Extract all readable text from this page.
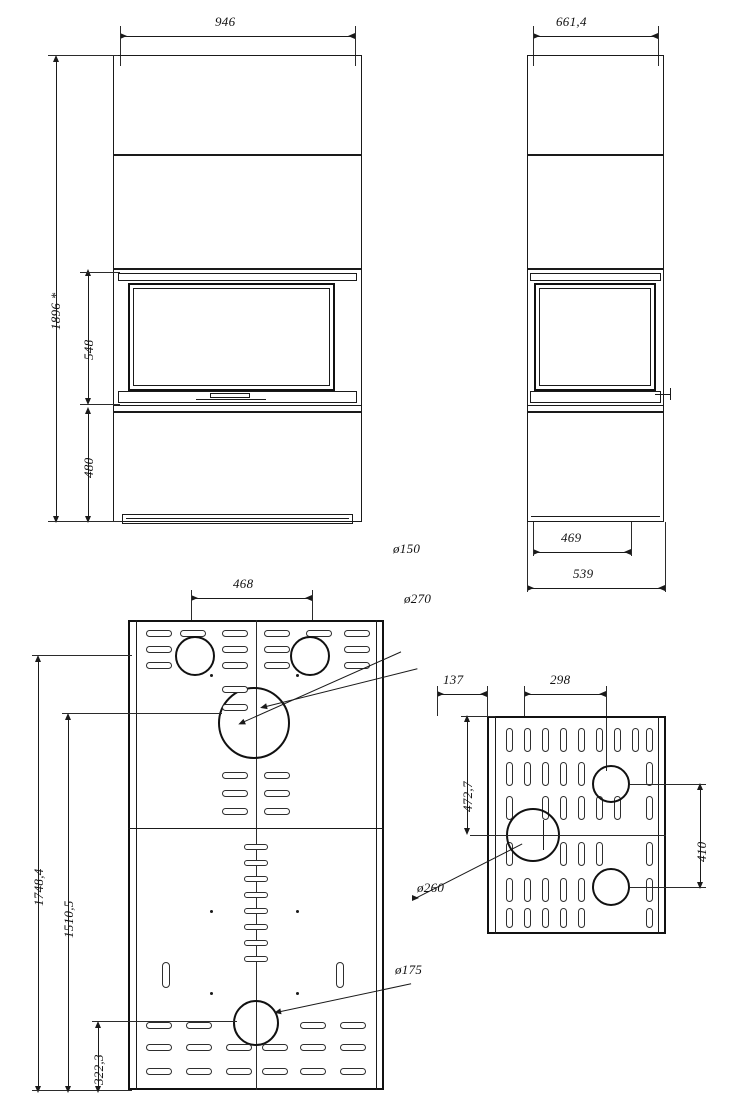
946
1896 *
548
480
661,4
469
539
468
ø150
ø270
ø175
1748,4
1510,5
322,3
137	298
472,7
410
ø260
